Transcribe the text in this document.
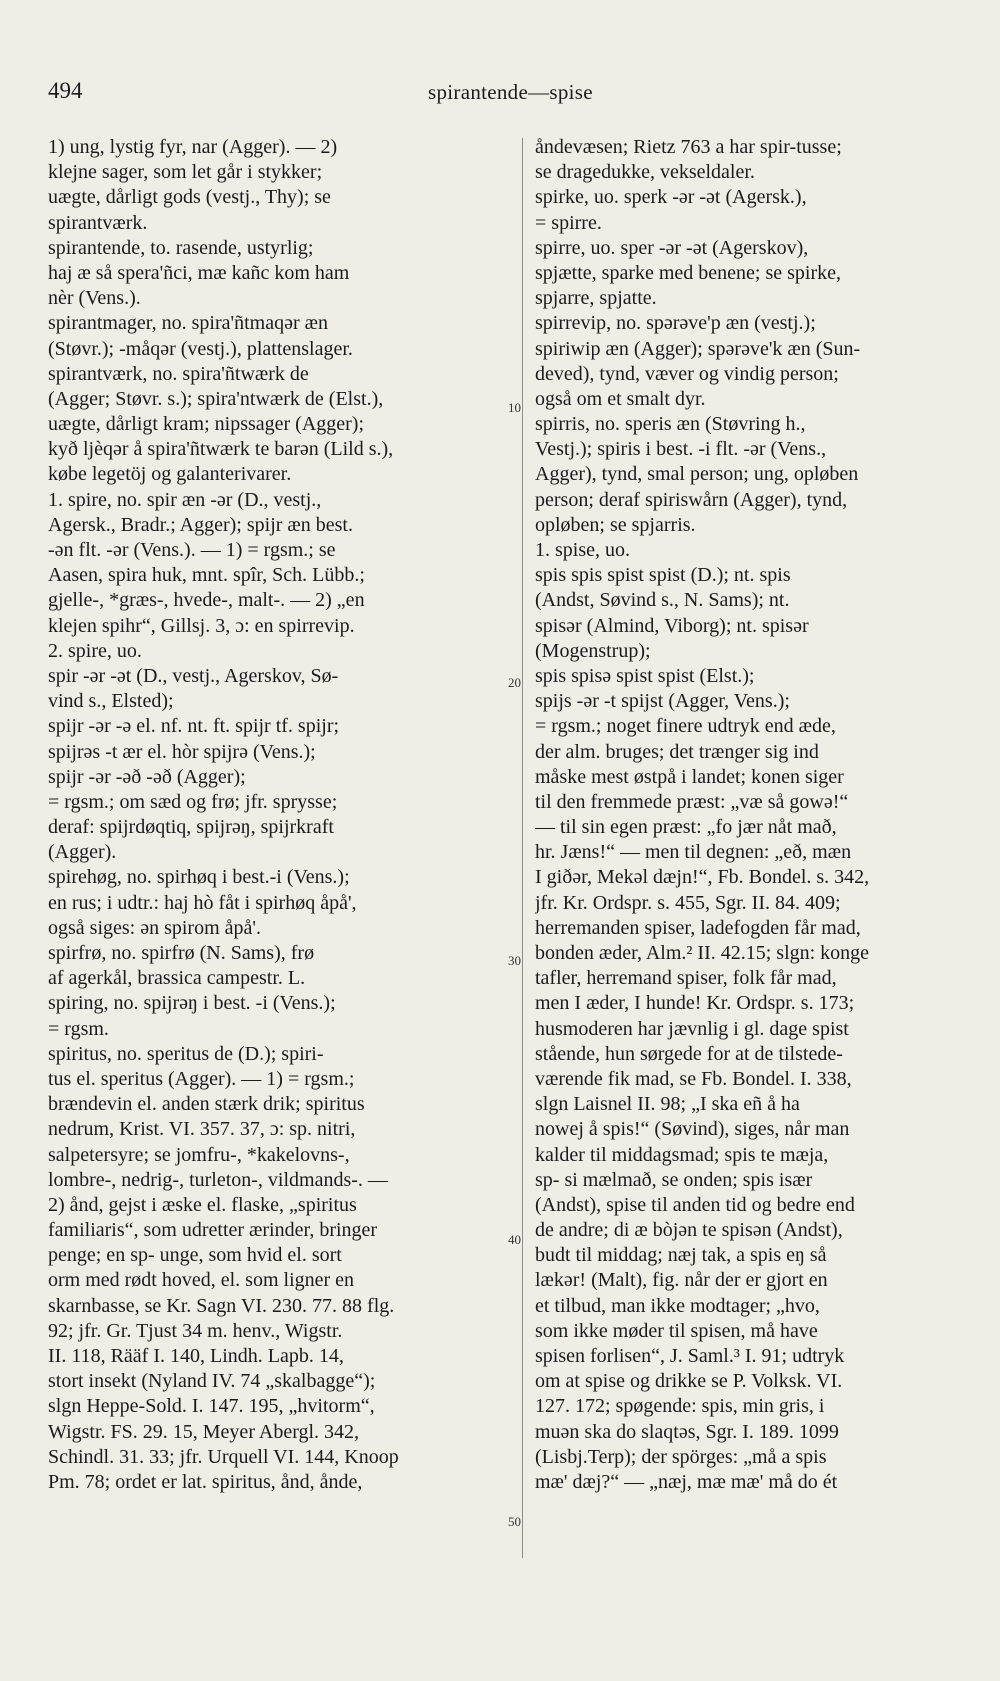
494	spirantende—spise
1) ung, lystig fyr, nar (Agger). — 2)
klejne sager, som let går i stykker;
uægte, dårligt gods (vestj., Thy); se
spirantværk.
spirantende, to. rasende, ustyrlig;
haj æ så spera'ñci, mæ kañc kom ham
nèr (Vens.).
spirantmager, no. spira'ñtmaqər æn
(Støvr.); -måqər (vestj.), plattenslager.
spirantværk, no. spira'ñtwærk de
(Agger; Støvr. s.); spira'ntwærk de (Elst.),
uægte, dårligt kram; nipssager (Agger);
kyð ljèqər å spira'ñtwærk te barən (Lild s.),
købe legetöj og galanterivarer.
1. spire, no. spir æn -ər (D., vestj.,
Agersk., Bradr.; Agger); spijr æn best.
-ən flt. -ər (Vens.). — 1) = rgsm.; se
Aasen, spira huk, mnt. spîr, Sch. Lübb.;
gjelle-, *græs-, hvede-, malt-. — 2) „en
klejen spihr“, Gillsj. 3, ɔ: en spirrevip.
2. spire, uo.
spir -ər -ət (D., vestj., Agerskov, Sø-
vind s., Elsted);
spijr -ər -ə el. nf. nt. ft. spijr tf. spijr;
spijrəs -t ær el. hòr spijrə (Vens.);
spijr -ər -əð -əð (Agger);
= rgsm.; om sæd og frø; jfr. sprysse;
deraf: spijrdøqtiq, spijrəŋ, spijrkraft
(Agger).
spirehøg, no. spirhøq i best.-i (Vens.);
en rus; i udtr.: haj hò fåt i spirhøq åpå',
også siges: ən spirom åpå'.
spirfrø, no. spirfrø (N. Sams), frø
af agerkål, brassica campestr. L.
spiring, no. spijrəŋ i best. -i (Vens.);
= rgsm.
spiritus, no. speritus de (D.); spiri-
tus el. speritus (Agger). — 1) = rgsm.;
brændevin el. anden stærk drik; spiritus
nedrum, Krist. VI. 357. 37, ɔ: sp. nitri,
salpetersyre; se jomfru-, *kakelovns-,
lombre-, nedrig-, turleton-, vildmands-. —
2) ånd, gejst i æske el. flaske, „spiritus
familiaris“, som udretter ærinder, bringer
penge; en sp- unge, som hvid el. sort
orm med rødt hoved, el. som ligner en
skarnbasse, se Kr. Sagn VI. 230. 77. 88 flg.
92; jfr. Gr. Tjust 34 m. henv., Wigstr.
II. 118, Rääf I. 140, Lindh. Lapb. 14,
stort insekt (Nyland IV. 74 „skalbagge“);
slgn Heppe-Sold. I. 147. 195, „hvitorm“,
Wigstr. FS. 29. 15, Meyer Abergl. 342,
Schindl. 31. 33; jfr. Urquell VI. 144, Knoop
Pm. 78; ordet er lat. spiritus, ånd, ånde,
åndevæsen; Rietz 763 a har spir-tusse;
se dragedukke, vekseldaler.
spirke, uo. sperk -ər -ət (Agersk.),
= spirre.
spirre, uo. sper -ər -ət (Agerskov),
spjætte, sparke med benene; se spirke,
spjarre, spjatte.
spirrevip, no. spərəve'p æn (vestj.);
spiriwip æn (Agger); spərəve'k æn (Sun-
deved), tynd, væver og vindig person;
også om et smalt dyr.
spirris, no. speris æn (Støvring h.,
Vestj.); spiris i best. -i flt. -ər (Vens.,
Agger), tynd, smal person; ung, opløben
person; deraf spiriswårn (Agger), tynd,
opløben; se spjarris.
1. spise, uo.
spis spis spist spist (D.); nt. spis
(Andst, Søvind s., N. Sams); nt.
spisər (Almind, Viborg); nt. spisər
(Mogenstrup);
spis spisə spist spist (Elst.);
spijs -ər -t spijst (Agger, Vens.);
= rgsm.; noget finere udtryk end æde,
der alm. bruges; det trænger sig ind
måske mest østpå i landet; konen siger
til den fremmede præst: „væ så gowə!“
— til sin egen præst: „fo jær nåt mað,
hr. Jæns!“ — men til degnen: „eð, mæn
I giðər, Mekəl dæjn!“, Fb. Bondel. s. 342,
jfr. Kr. Ordspr. s. 455, Sgr. II. 84. 409;
herremanden spiser, ladefogden får mad,
bonden æder, Alm.² II. 42.15; slgn: konge
tafler, herremand spiser, folk får mad,
men I æder, I hunde! Kr. Ordspr. s. 173;
husmoderen har jævnlig i gl. dage spist
stående, hun sørgede for at de tilstede-
værende fik mad, se Fb. Bondel. I. 338,
slgn Laisnel II. 98; „I ska eñ å ha
nowej å spis!“ (Søvind), siges, når man
kalder til middagsmad; spis te mæja,
sp- si mælmað, se onden; spis især
(Andst), spise til anden tid og bedre end
de andre; di æ bòjən te spisən (Andst),
budt til middag; næj tak, a spis eŋ så
lækər! (Malt), fig. når der er gjort en
et tilbud, man ikke modtager; „hvo,
som ikke møder til spisen, må have
spisen forlisen“, J. Saml.³ I. 91; udtryk
om at spise og drikke se P. Volksk. VI.
127. 172; spøgende: spis, min gris, i
muən ska do slaqtəs, Sgr. I. 189. 1099
(Lisbj.Terp); der spörges: „må a spis
mæ' dæj?“ — „næj, mæ mæ' må do ét
10
20
30
40
50
